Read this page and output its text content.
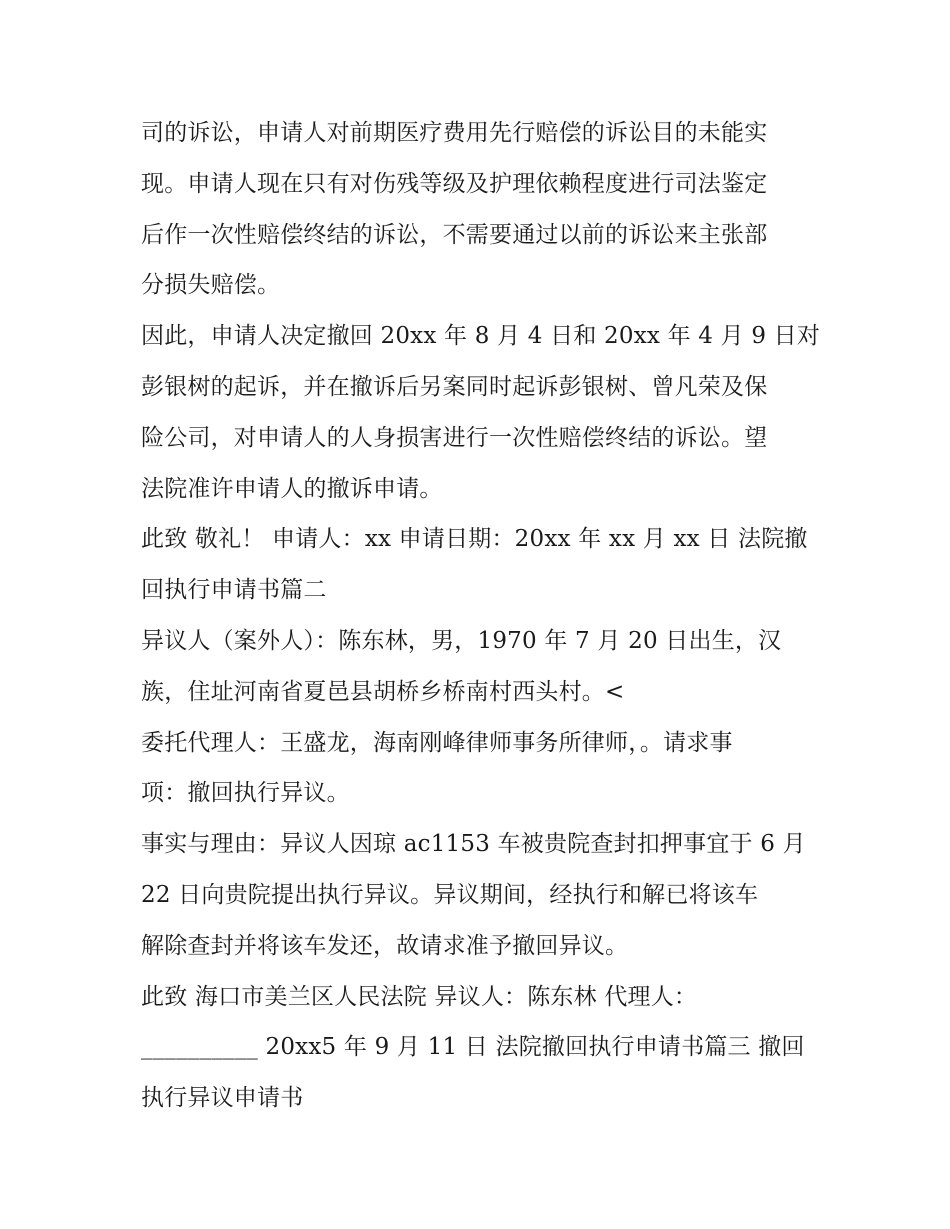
司的诉讼，申请人对前期医疗费用先行赔偿的诉讼目的未能实
现。申请人现在只有对伤残等级及护理依赖程度进行司法鉴定
后作一次性赔偿终结的诉讼，不需要通过以前的诉讼来主张部
分损失赔偿。
因此，申请人决定撤回 20xx 年 8 月 4 日和 20xx 年 4 月 9 日对
彭银树的起诉，并在撤诉后另案同时起诉彭银树、曾凡荣及保
险公司，对申请人的人身损害进行一次性赔偿终结的诉讼。望
法院准许申请人的撤诉申请。
此致 敬礼！ 申请人：xx 申请日期：20xx 年 xx 月 xx 日 法院撤
回执行申请书篇二
异议人（案外人）：陈东林，男，1970 年 7 月 20 日出生，汉
族，住址河南省夏邑县胡桥乡桥南村西头村。<
委托代理人：王盛龙，海南刚峰律师事务所律师，。请求事
项：撤回执行异议。
事实与理由：异议人因琼 ac1153 车被贵院查封扣押事宜于 6 月
22 日向贵院提出执行异议。异议期间，经执行和解已将该车
解除查封并将该车发还，故请求准予撤回异议。
此致 海口市美兰区人民法院 异议人：陈东林 代理人：
__________ 20xx5 年 9 月 11 日 法院撤回执行申请书篇三 撤回
执行异议申请书
